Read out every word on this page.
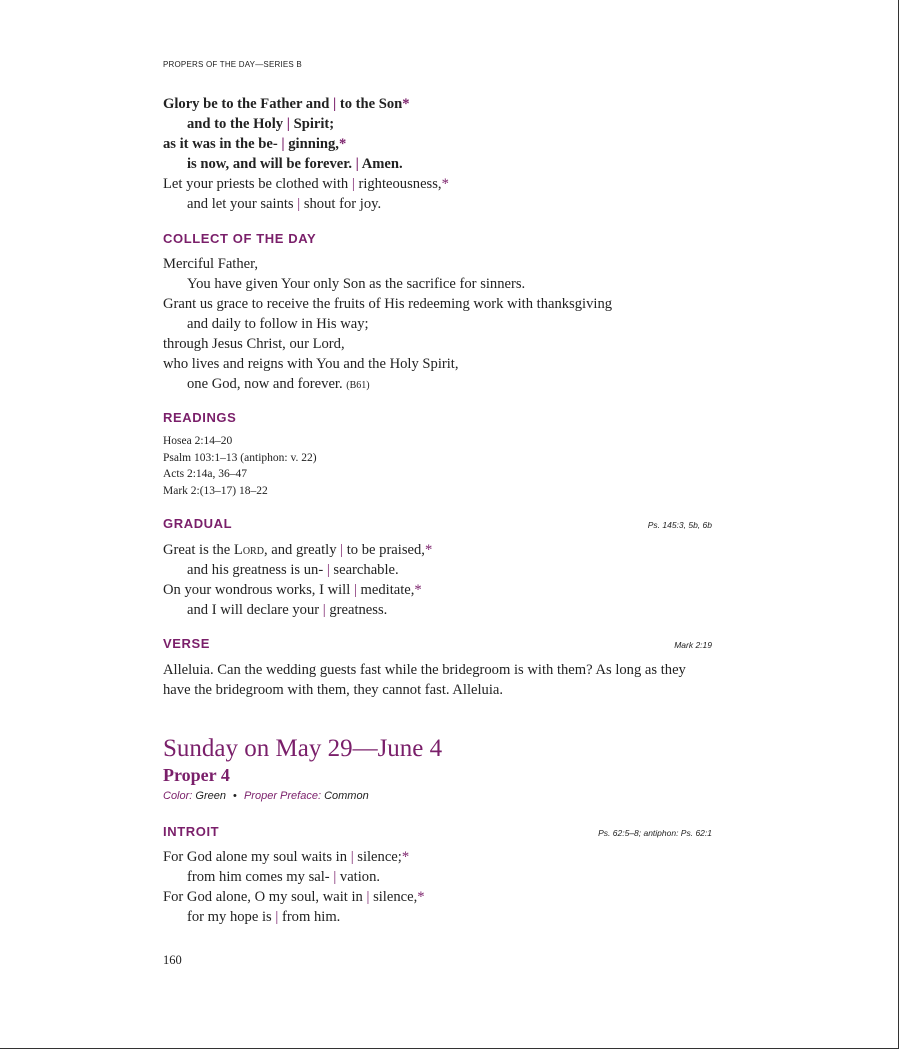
PROPERS OF THE DAY—SERIES B
Glory be to the Father and | to the Son*
and to the Holy | Spirit;
as it was in the be- | ginning,*
is now, and will be forever. | Amen.
Let your priests be clothed with | righteousness,*
and let your saints | shout for joy.
COLLECT OF THE DAY
Merciful Father,
You have given Your only Son as the sacrifice for sinners.
Grant us grace to receive the fruits of His redeeming work with thanksgiving
and daily to follow in His way;
through Jesus Christ, our Lord,
who lives and reigns with You and the Holy Spirit,
one God, now and forever. (B61)
READINGS
Hosea 2:14–20
Psalm 103:1–13 (antiphon: v. 22)
Acts 2:14a, 36–47
Mark 2:(13–17) 18–22
GRADUAL	Ps. 145:3, 5b, 6b
Great is the Lord, and greatly | to be praised,*
and his greatness is un- | searchable.
On your wondrous works, I will | meditate,*
and I will declare your | greatness.
VERSE	Mark 2:19
Alleluia. Can the wedding guests fast while the bridegroom is with them? As long as they have the bridegroom with them, they cannot fast. Alleluia.
Sunday on May 29—June 4
Proper 4
Color: Green • Proper Preface: Common
INTROIT	Ps. 62:5–8; antiphon: Ps. 62:1
For God alone my soul waits in | silence;*
from him comes my sal- | vation.
For God alone, O my soul, wait in | silence,*
for my hope is | from him.
160
